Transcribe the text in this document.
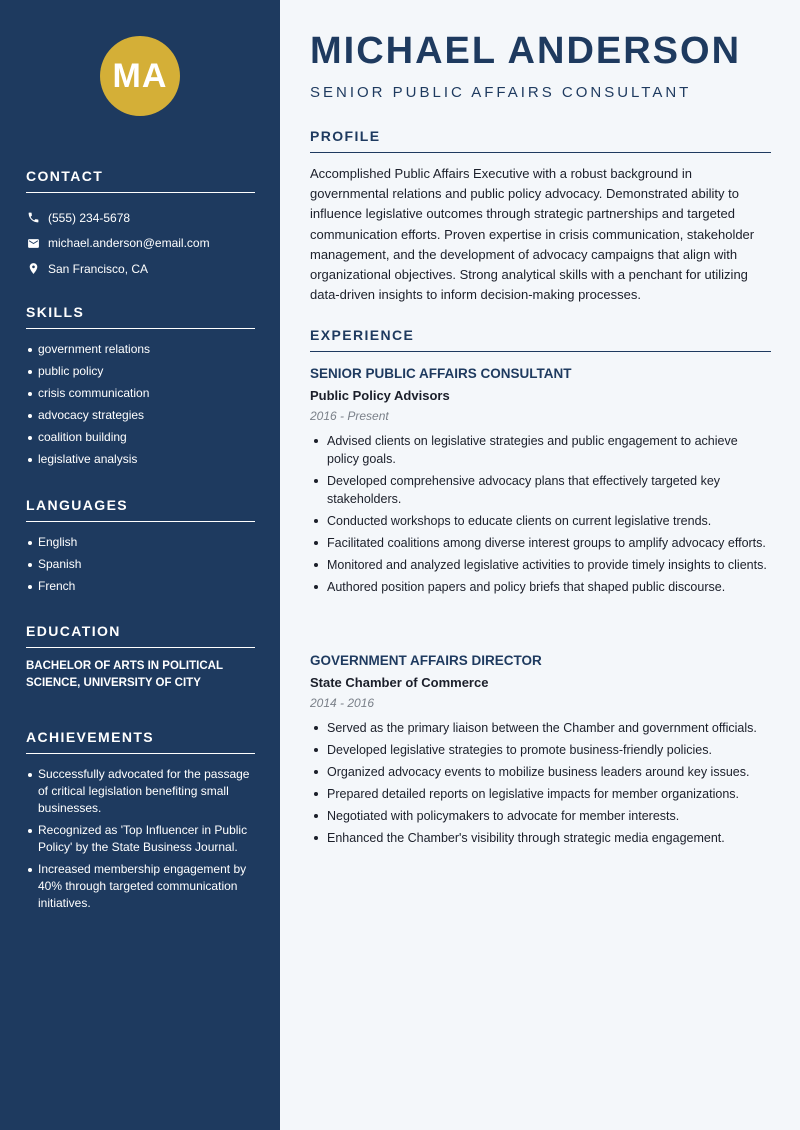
MA
CONTACT
(555) 234-5678
michael.anderson@email.com
San Francisco, CA
SKILLS
government relations
public policy
crisis communication
advocacy strategies
coalition building
legislative analysis
LANGUAGES
English
Spanish
French
EDUCATION
BACHELOR OF ARTS IN POLITICAL SCIENCE, UNIVERSITY OF CITY
ACHIEVEMENTS
Successfully advocated for the passage of critical legislation benefiting small businesses.
Recognized as 'Top Influencer in Public Policy' by the State Business Journal.
Increased membership engagement by 40% through targeted communication initiatives.
MICHAEL ANDERSON
SENIOR PUBLIC AFFAIRS CONSULTANT
PROFILE

Accomplished Public Affairs Executive with a robust background in governmental relations and public policy advocacy. Demonstrated ability to influence legislative outcomes through strategic partnerships and targeted communication efforts. Proven expertise in crisis communication, stakeholder management, and the development of advocacy campaigns that align with organizational objectives. Strong analytical skills with a penchant for utilizing data-driven insights to inform decision-making processes.

EXPERIENCE
SENIOR PUBLIC AFFAIRS CONSULTANT
Public Policy Advisors
2016 - Present
Advised clients on legislative strategies and public engagement to achieve policy goals.
Developed comprehensive advocacy plans that effectively targeted key stakeholders.
Conducted workshops to educate clients on current legislative trends.
Facilitated coalitions among diverse interest groups to amplify advocacy efforts.
Monitored and analyzed legislative activities to provide timely insights to clients.
Authored position papers and policy briefs that shaped public discourse.
GOVERNMENT AFFAIRS DIRECTOR
State Chamber of Commerce
2014 - 2016
Served as the primary liaison between the Chamber and government officials.
Developed legislative strategies to promote business-friendly policies.
Organized advocacy events to mobilize business leaders around key issues.
Prepared detailed reports on legislative impacts for member organizations.
Negotiated with policymakers to advocate for member interests.
Enhanced the Chamber's visibility through strategic media engagement.
